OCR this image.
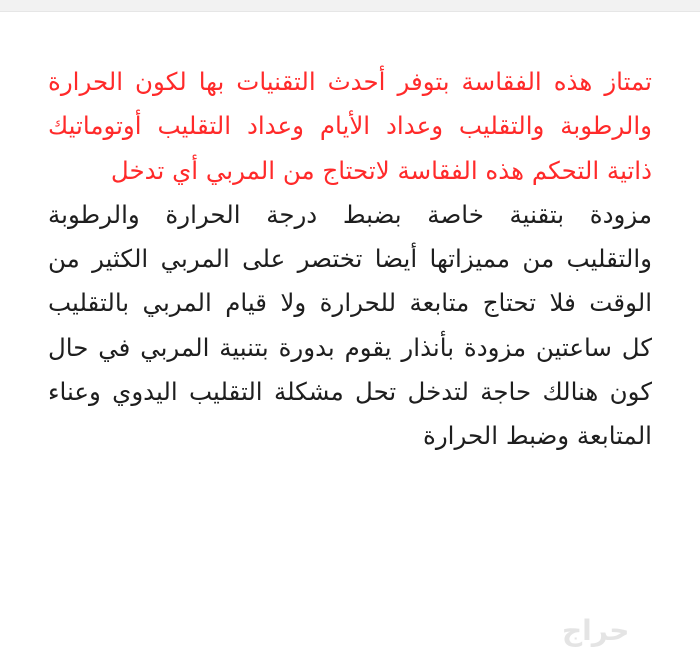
تمتاز هذه الفقاسة بتوفر أحدث التقنيات بها لكون الحرارة
والرطوبة والتقليب وعداد الأيام وعداد التقليب أوتوماتيك
ذاتية التحكم هذه الفقاسة لاتحتاج من المربي أي تدخل
مزودة بتقنية خاصة بضبط درجة الحرارة والرطوبة
والتقليب من مميزاتها أيضا تختصر على المربي الكثير من
الوقت فلا تحتاج متابعة للحرارة ولا قيام المربي بالتقليب
كل ساعتين مزودة بأنذار يقوم بدورة بتنبية المربي في حال
كون هنالك حاجة لتدخل تحل مشكلة التقليب اليدوي وعناء
المتابعة وضبط الحرارة
حراج
